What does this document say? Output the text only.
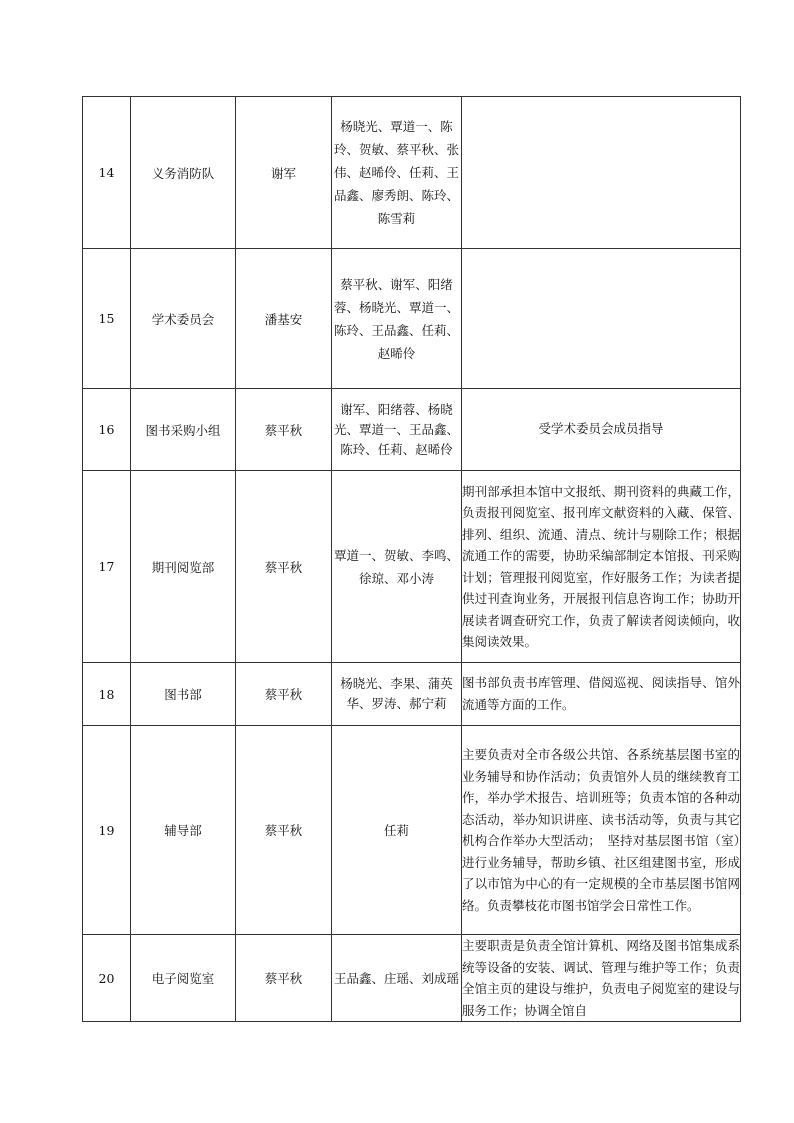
14	义务消防队	谢军	杨晓光、覃道一、陈玲、贺敏、蔡平秋、张伟、赵晞伶、任莉、王品鑫、廖秀朗、陈玲、陈雪莉	
15	学术委员会	潘基安	蔡平秋、谢军、阳绪蓉、杨晓光、覃道一、陈玲、王品鑫、任莉、赵晞伶	
16	图书采购小组	蔡平秋	谢军、阳绪蓉、杨晓光、覃道一、王品鑫、陈玲、任莉、赵晞伶	受学术委员会成员指导
17	期刊阅览部	蔡平秋	覃道一、贺敏、李鸣、徐琼、邓小涛	期刊部承担本馆中文报纸、期刊资料的典藏工作，负责报刊阅览室、报刊库文献资料的入藏、保管、排列、组织、流通、清点、统计与剔除工作；根据流通工作的需要，协助采编部制定本馆报、刊采购计划；管理报刊阅览室，作好服务工作；为读者提供过刊查询业务，开展报刊信息咨询工作；协助开展读者调查研究工作，负责了解读者阅读倾向，收集阅读效果。
18	图书部	蔡平秋	杨晓光、李果、蒲英华、罗涛、郝宁莉	图书部负责书库管理、借阅巡视、阅读指导、馆外流通等方面的工作。
19	辅导部	蔡平秋	任莉	主要负责对全市各级公共馆、各系统基层图书室的业务辅导和协作活动；负责馆外人员的继续教育工作，举办学术报告、培训班等；负责本馆的各种动态活动，举办知识讲座、读书活动等，负责与其它机构合作举办大型活动；　坚持对基层图书馆（室）进行业务辅导，帮助乡镇、社区组建图书室，形成了以市馆为中心的有一定规模的全市基层图书馆网络。负责攀枝花市图书馆学会日常性工作。
20	电子阅览室	蔡平秋	王品鑫、庄瑶、刘成瑶	主要职责是负责全馆计算机、网络及图书馆集成系统等设备的安装、调试、管理与维护等工作；负责全馆主页的建设与维护，负责电子阅览室的建设与服务工作；协调全馆自
